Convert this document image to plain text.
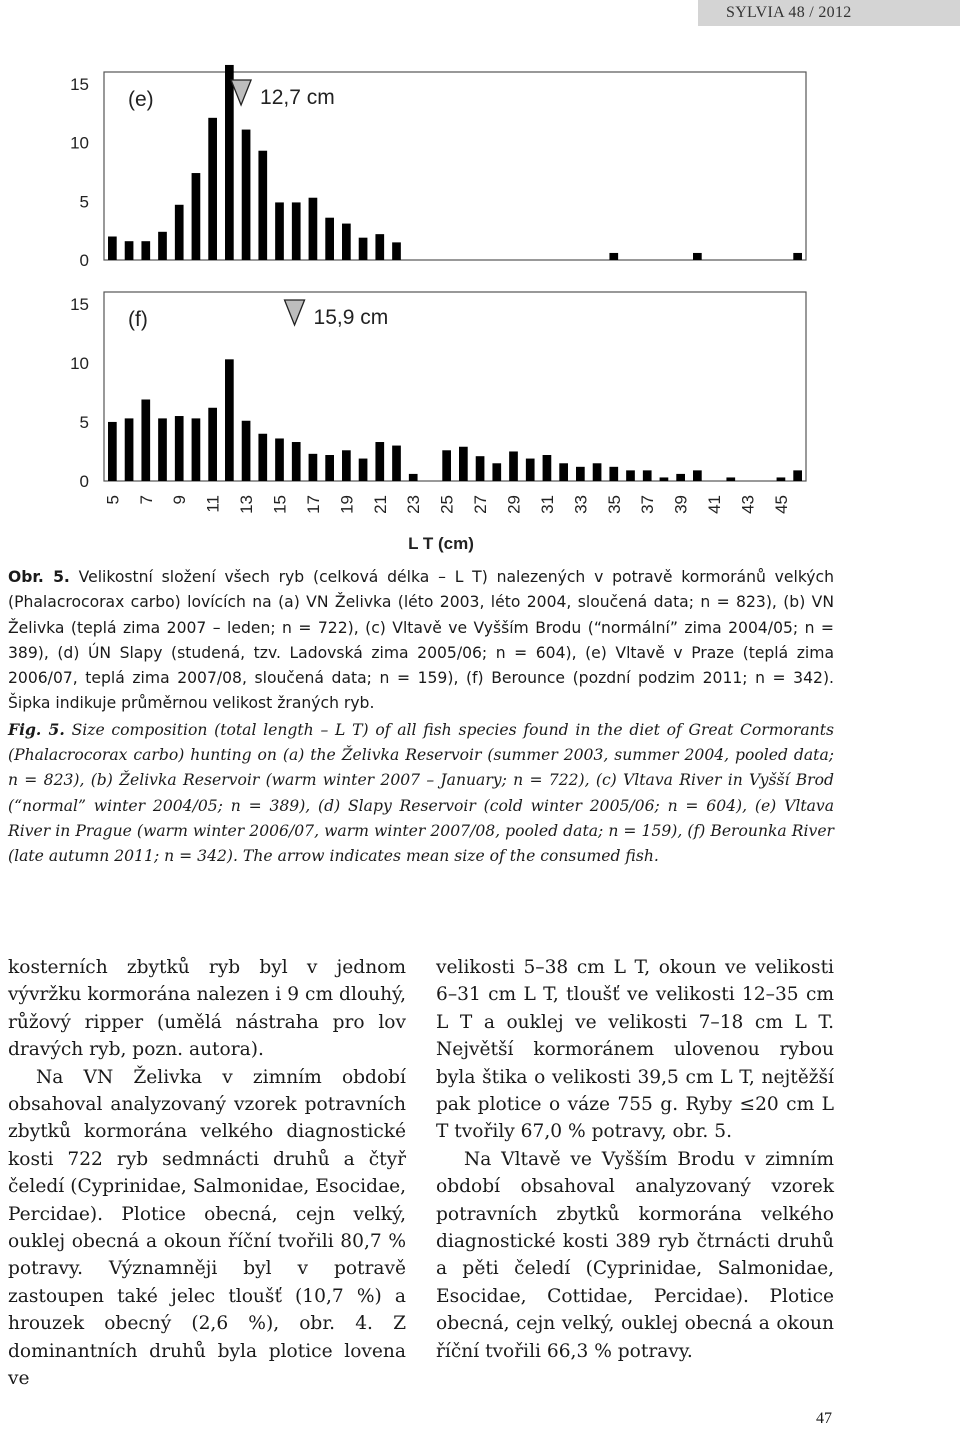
SYLVIA 48 / 2012
0
5
10
15
(e)	12,7 cm
0
5
10
15
(f)	15,9 cm
5 7 9 11 13 15 17 19 21 23 25 27 29 31 33 35 37 39 41 43 45
L T (cm)
Obr. 5. Velikostní složení všech ryb (celková délka – L T) nalezených v potravě kormoránů velkých (Phalacrocorax carbo) lovících na (a) VN Želivka (léto 2003, léto 2004, sloučená data; n = 823), (b) VN Želivka (teplá zima 2007 – leden; n = 722), (c) Vltavě ve Vyšším Brodu (“normální” zima 2004/05; n = 389), (d) ÚN Slapy (studená, tzv. Ladovská zima 2005/06; n = 604), (e) Vltavě v Praze (teplá zima 2006/07, teplá zima 2007/08, sloučená data; n = 159), (f) Berounce (pozdní podzim 2011; n = 342). Šipka indikuje průměrnou velikost žraných ryb.
Fig. 5. Size composition (total length – L T) of all fish species found in the diet of Great Cormorants (Phalacrocorax carbo) hunting on (a) the Želivka Reservoir (summer 2003, summer 2004, pooled data; n = 823), (b) Želivka Reservoir (warm winter 2007 – January; n = 722), (c) Vltava River in Vyšší Brod (“normal” winter 2004/05; n = 389), (d) Slapy Reservoir (cold winter 2005/06; n = 604), (e) Vltava River in Prague (warm winter 2006/07, warm winter 2007/08, pooled data; n = 159), (f) Berounka River (late autumn 2011; n = 342). The arrow indicates mean size of the consumed fish.

kosterních zbytků ryb byl v jednom vývržku kormorána nalezen i 9 cm dlouhý, růžový ripper (umělá nástraha pro lov dravých ryb, pozn. autora).

Na VN Želivka v zimním období obsahoval analyzovaný vzorek potravních zbytků kormorána velkého diagnostické kosti 722 ryb sedmnácti druhů a čtyř čeledí (Cyprinidae, Salmonidae, Esocidae, Percidae). Plotice obecná, cejn velký, ouklej obecná a okoun říční tvořili 80,7 % potravy. Významněji byl v potravě zastoupen také jelec tloušť (10,7 %) a hrouzek obecný (2,6 %), obr. 4. Z dominantních druhů byla plotice lovena ve

velikosti 5–38 cm L T, okoun ve velikosti 6–31 cm L T, tloušť ve velikosti 12–35 cm L T a ouklej ve velikosti 7–18 cm L T. Největší kormoránem ulovenou rybou byla štika o velikosti 39,5 cm L T, nejtěžší pak plotice o váze 755 g. Ryby ≤20 cm L T tvořily 67,0 % potravy, obr. 5.

Na Vltavě ve Vyšším Brodu v zimním období obsahoval analyzovaný vzorek potravních zbytků kormorána velkého diagnostické kosti 389 ryb čtrnácti druhů a pěti čeledí (Cyprinidae, Salmonidae, Esocidae, Cottidae, Percidae). Plotice obecná, cejn velký, ouklej obecná a okoun říční tvořili 66,3 % potravy.

47
